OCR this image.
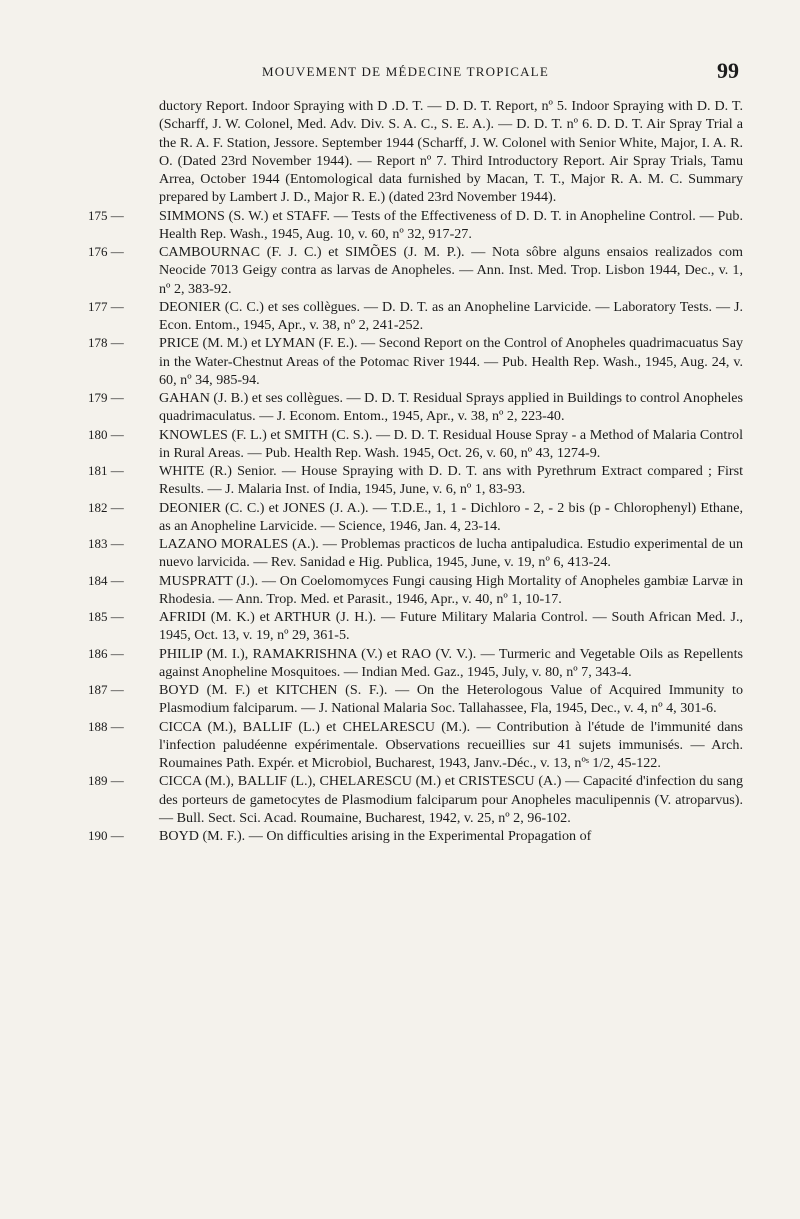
MOUVEMENT DE MÉDECINE TROPICALE	99

ductory Report. Indoor Spraying with D .D. T. — D. D. T. Report, nº 5. Indoor Spraying with D. D. T. (Scharff, J. W. Colonel, Med. Adv. Div. S. A. C., S. E. A.). — D. D. T. nº 6. D. D. T. Air Spray Trial a the R. A. F. Station, Jessore. September 1944 (Scharff, J. W. Colonel with Senior White, Major, I. A. R. O. (Dated 23rd November 1944). — Report nº 7. Third Introductory Report. Air Spray Trials, Tamu Arrea, October 1944 (Entomological data furnished by Macan, T. T., Major R. A. M. C. Summary prepared by Lambert J. D., Major R. E.) (dated 23rd November 1944).

175 —	SIMMONS (S. W.) et STAFF. — Tests of the Effectiveness of D. D. T. in Anopheline Control. — Pub. Health Rep. Wash., 1945, Aug. 10, v. 60, nº 32, 917-27.

176 —	CAMBOURNAC (F. J. C.) et SIMÕES (J. M. P.). — Nota sôbre alguns ensaios realizados com Neocide 7013 Geigy contra as larvas de Anopheles. — Ann. Inst. Med. Trop. Lisbon 1944, Dec., v. 1, nº 2, 383-92.

177 —	DEONIER (C. C.) et ses collègues. — D. D. T. as an Anopheline Larvicide. — Laboratory Tests. — J. Econ. Entom., 1945, Apr., v. 38, nº 2, 241-252.

178 —	PRICE (M. M.) et LYMAN (F. E.). — Second Report on the Control of Anopheles quadrimacuatus Say in the Water-Chestnut Areas of the Potomac River 1944. — Pub. Health Rep. Wash., 1945, Aug. 24, v. 60, nº 34, 985-94.

179 —	GAHAN (J. B.) et ses collègues. — D. D. T. Residual Sprays applied in Buildings to control Anopheles quadrimaculatus. — J. Econom. Entom., 1945, Apr., v. 38, nº 2, 223-40.

180 —	KNOWLES (F. L.) et SMITH (C. S.). — D. D. T. Residual House Spray - a Method of Malaria Control in Rural Areas. — Pub. Health Rep. Wash. 1945, Oct. 26, v. 60, nº 43, 1274-9.

181 —	WHITE (R.) Senior. — House Spraying with D. D. T. ans with Pyrethrum Extract compared ; First Results. — J. Malaria Inst. of India, 1945, June, v. 6, nº 1, 83-93.

182 —	DEONIER (C. C.) et JONES (J. A.). — T.D.E., 1, 1 - Dichloro - 2, - 2 bis (p - Chlorophenyl) Ethane, as an Anopheline Larvicide. — Science, 1946, Jan. 4, 23-14.

183 —	LAZANO MORALES (A.). — Problemas practicos de lucha antipaludica. Estudio experimental de un nuevo larvicida. — Rev. Sanidad e Hig. Publica, 1945, June, v. 19, nº 6, 413-24.

184 —	MUSPRATT (J.). — On Coelomomyces Fungi causing High Mortality of Anopheles gambiæ Larvæ in Rhodesia. — Ann. Trop. Med. et Parasit., 1946, Apr., v. 40, nº 1, 10-17.

185 —	AFRIDI (M. K.) et ARTHUR (J. H.). — Future Military Malaria Control. — South African Med. J., 1945, Oct. 13, v. 19, nº 29, 361-5.

186 —	PHILIP (M. I.), RAMAKRISHNA (V.) et RAO (V. V.). — Turmeric and Vegetable Oils as Repellents against Anopheline Mosquitoes. — Indian Med. Gaz., 1945, July, v. 80, nº 7, 343-4.

187 —	BOYD (M. F.) et KITCHEN (S. F.). — On the Heterologous Value of Acquired Immunity to Plasmodium falciparum. — J. National Malaria Soc. Tallahassee, Fla, 1945, Dec., v. 4, nº 4, 301-6.

188 —	CICCA (M.), BALLIF (L.) et CHELARESCU (M.). — Contribution à l'étude de l'immunité dans l'infection paludéenne expérimentale. Observations recueillies sur 41 sujets immunisés. — Arch. Roumaines Path. Expér. et Microbiol, Bucharest, 1943, Janv.-Déc., v. 13, nºˢ 1/2, 45-122.

189 —	CICCA (M.), BALLIF (L.), CHELARESCU (M.) et CRISTESCU (A.) — Capacité d'infection du sang des porteurs de gametocytes de Plasmodium falciparum pour Anopheles maculipennis (V. atroparvus). — Bull. Sect. Sci. Acad. Roumaine, Bucharest, 1942, v. 25, nº 2, 96-102.

190 —	BOYD (M. F.). — On difficulties arising in the Experimental Propagation of
